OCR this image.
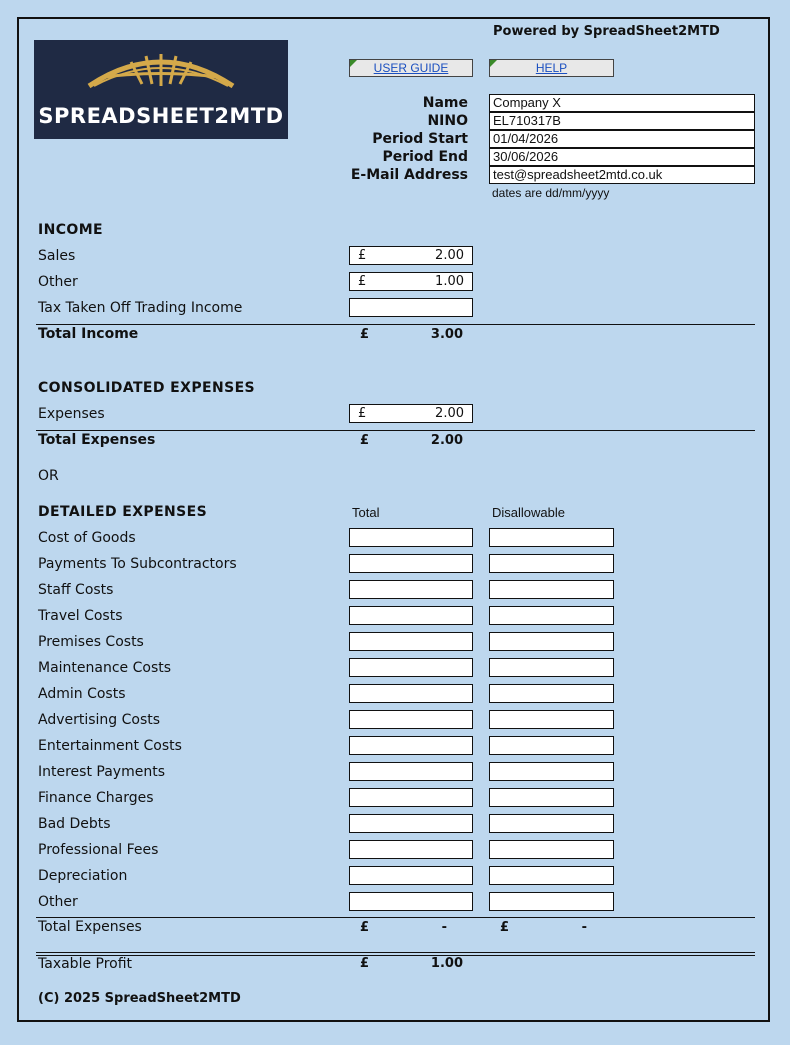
Powered by SpreadSheet2MTD
SPREADSHEET2MTD
USER GUIDE	HELP
Name	Company X
NINO	EL710317B
Period Start	01/04/2026
Period End	30/06/2026
E-Mail Address	test@spreadsheet2mtd.co.uk
dates are dd/mm/yyyy
INCOME
Sales	£	2.00
Other	£	1.00
Tax Taken Off Trading Income
Total Income	£	3.00
CONSOLIDATED EXPENSES
Expenses	£	2.00
Total Expenses	£	2.00
OR
DETAILED EXPENSES	Total	Disallowable
Cost of Goods
Payments To Subcontractors
Staff Costs
Travel Costs
Premises Costs
Maintenance Costs
Admin Costs
Advertising Costs
Entertainment Costs
Interest Payments
Finance Charges
Bad Debts
Professional Fees
Depreciation
Other
Total Expenses	£	-	£	-
Taxable Profit	£	1.00
(C) 2025 SpreadSheet2MTD
